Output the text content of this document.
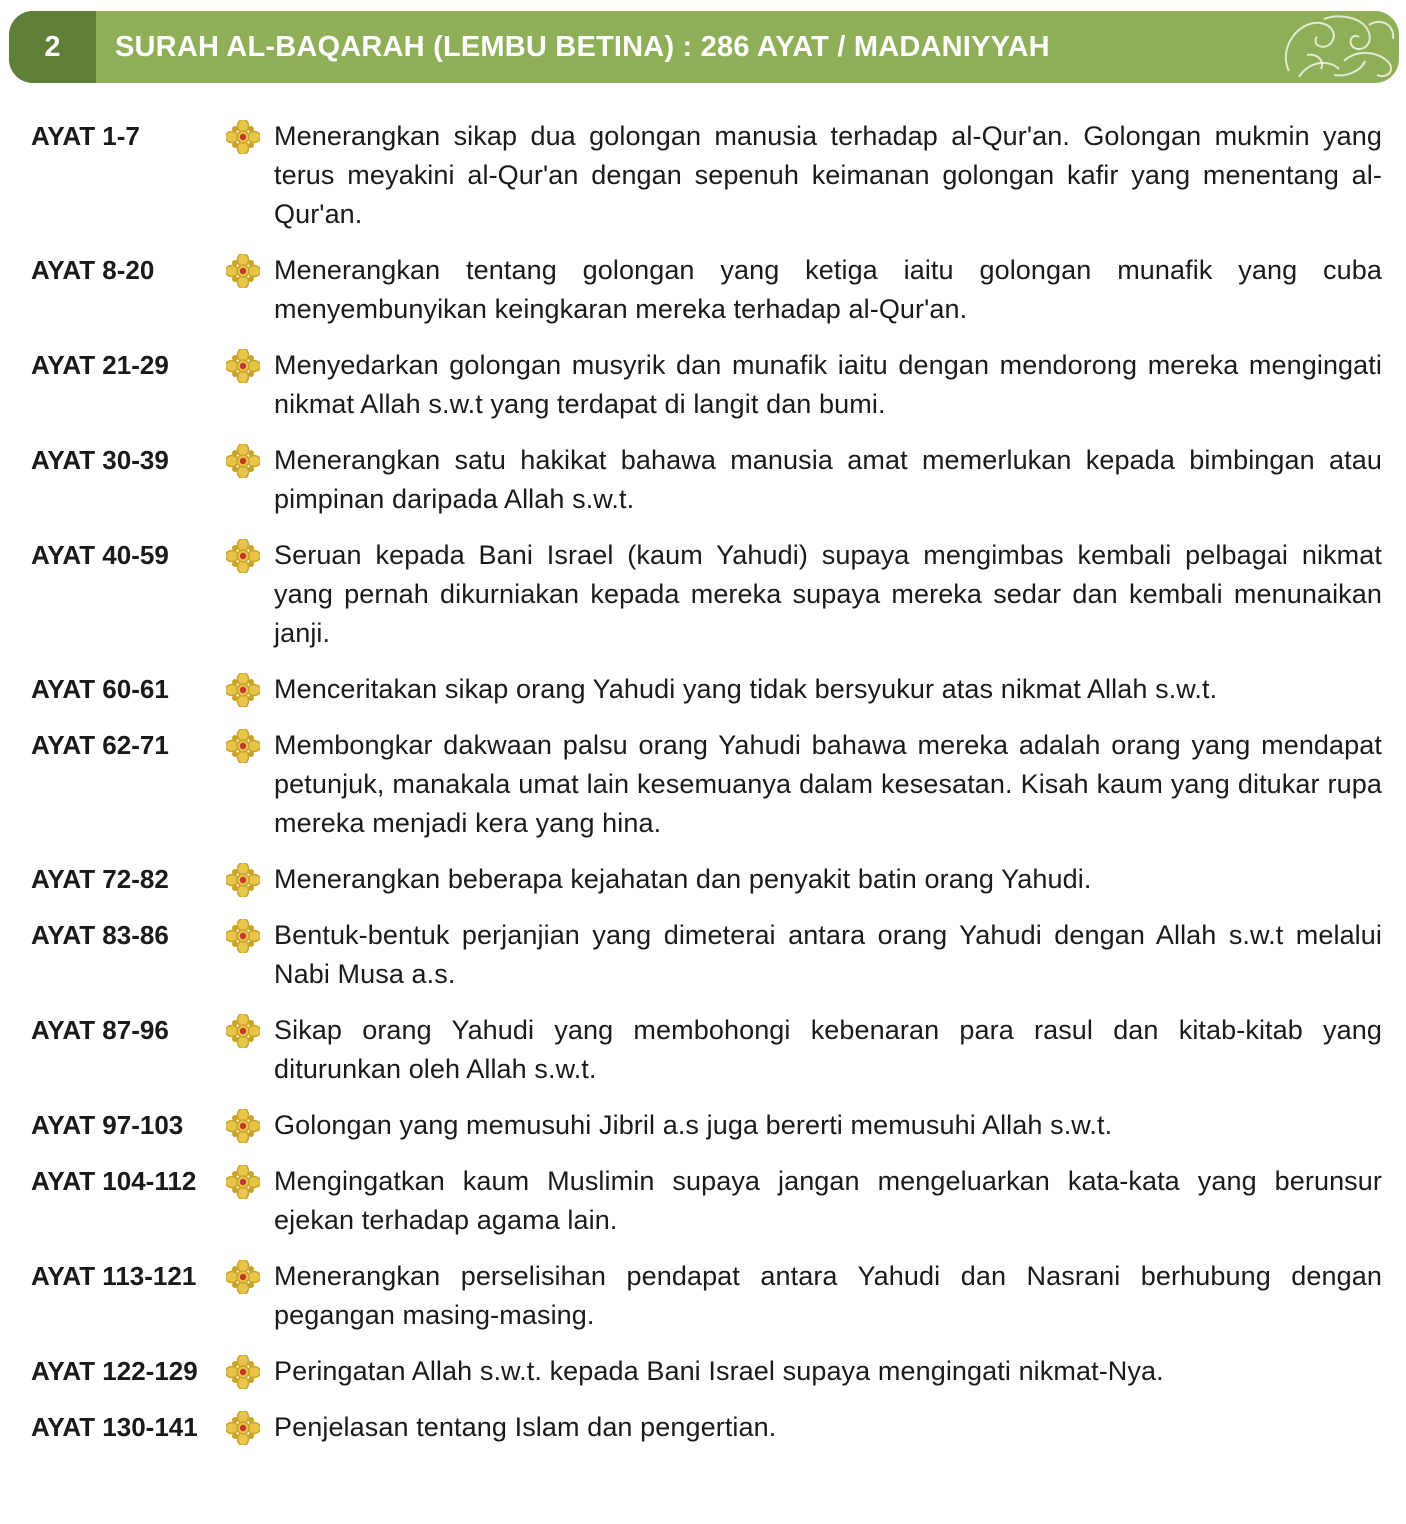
2	SURAH AL-BAQARAH (LEMBU BETINA) : 286 AYAT / MADANIYYAH
AYAT 1-7	Menerangkan sikap dua golongan manusia terhadap al-Qur'an. Golongan mukmin yang terus meyakini al-Qur'an dengan sepenuh keimanan golongan kafir yang menentang al-Qur'an.
AYAT 8-20	Menerangkan tentang golongan yang ketiga iaitu golongan munafik yang cuba menyembunyikan keingkaran mereka terhadap al-Qur'an.
AYAT 21-29	Menyedarkan golongan musyrik dan munafik iaitu dengan mendorong mereka mengingati nikmat Allah s.w.t yang terdapat di langit dan bumi.
AYAT 30-39	Menerangkan satu hakikat bahawa manusia amat memerlukan kepada bimbingan atau pimpinan daripada Allah s.w.t.
AYAT 40-59	Seruan kepada Bani Israel (kaum Yahudi) supaya mengimbas kembali pelbagai nikmat yang pernah dikurniakan kepada mereka supaya mereka sedar dan kembali menunaikan janji.
AYAT 60-61	Menceritakan sikap orang Yahudi yang tidak bersyukur atas nikmat Allah s.w.t.
AYAT 62-71	Membongkar dakwaan palsu orang Yahudi bahawa mereka adalah orang yang mendapat petunjuk, manakala umat lain kesemuanya dalam kesesatan. Kisah kaum yang ditukar rupa mereka menjadi kera yang hina.
AYAT 72-82	Menerangkan beberapa kejahatan dan penyakit batin orang Yahudi.
AYAT 83-86	Bentuk-bentuk perjanjian yang dimeterai antara orang Yahudi dengan Allah s.w.t melalui Nabi Musa a.s.
AYAT 87-96	Sikap orang Yahudi yang membohongi kebenaran para rasul dan kitab-kitab yang diturunkan oleh Allah s.w.t.
AYAT 97-103	Golongan yang memusuhi Jibril a.s juga bererti memusuhi Allah s.w.t.
AYAT 104-112	Mengingatkan kaum Muslimin supaya jangan mengeluarkan kata-kata yang berunsur ejekan terhadap agama lain.
AYAT 113-121	Menerangkan perselisihan pendapat antara Yahudi dan Nasrani berhubung dengan pegangan masing-masing.
AYAT 122-129	Peringatan Allah s.w.t. kepada Bani Israel supaya mengingati nikmat-Nya.
AYAT 130-141	Penjelasan tentang Islam dan pengertian.
